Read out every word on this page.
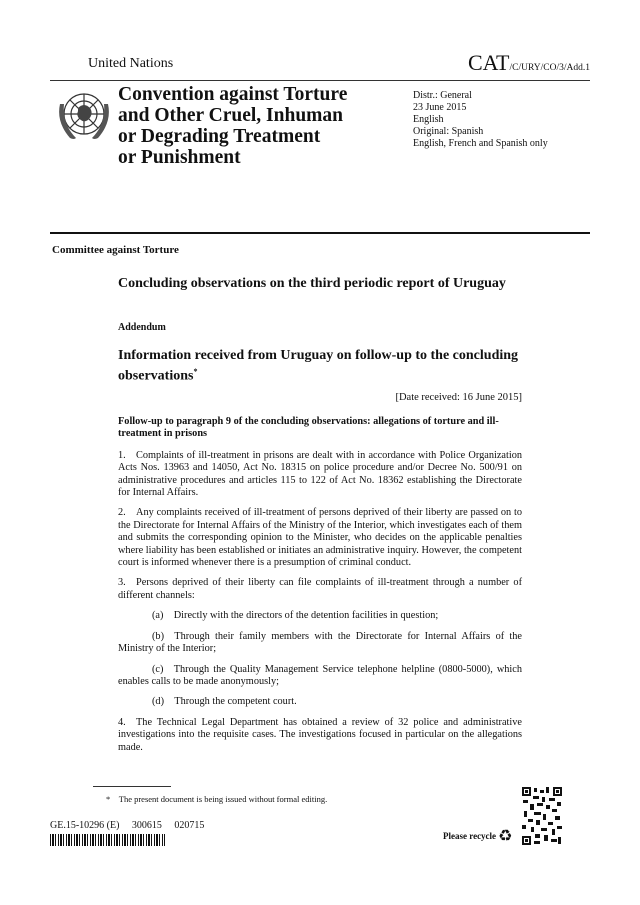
United Nations	CAT/C/URY/CO/3/Add.1
Convention against Torture
and Other Cruel, Inhuman
or Degrading Treatment
or Punishment
Distr.: General
23 June 2015
English
Original: Spanish
English, French and Spanish only
Committee against Torture
Concluding observations on the third periodic report of Uruguay
Addendum
Information received from Uruguay on follow-up to the concluding observations*
[Date received: 16 June 2015]

Follow-up to paragraph 9 of the concluding observations: allegations of torture and ill-treatment in prisons

1. Complaints of ill-treatment in prisons are dealt with in accordance with Police Organization Acts Nos. 13963 and 14050, Act No. 18315 on police procedure and/or Decree No. 500/91 on administrative procedures and articles 115 to 122 of Act No. 18362 establishing the Directorate for Internal Affairs.

2. Any complaints received of ill-treatment of persons deprived of their liberty are passed on to the Directorate for Internal Affairs of the Ministry of the Interior, which investigates each of them and submits the corresponding opinion to the Minister, who decides on the applicable penalties where liability has been established or initiates an administrative inquiry. However, the competent court is informed whenever there is a presumption of criminal conduct.

3. Persons deprived of their liberty can file complaints of ill-treatment through a number of different channels:

(a) Directly with the directors of the detention facilities in question;

(b) Through their family members with the Directorate for Internal Affairs of the Ministry of the Interior;

(c) Through the Quality Management Service telephone helpline (0800-5000), which enables calls to be made anonymously;

(d) Through the competent court.

4. The Technical Legal Department has obtained a review of 32 police and administrative investigations into the requisite cases. The investigations focused in particular on the allegations made.

* The present document is being issued without formal editing.
GE.15-10296 (E)  300615  020715
Please recycle ♻
